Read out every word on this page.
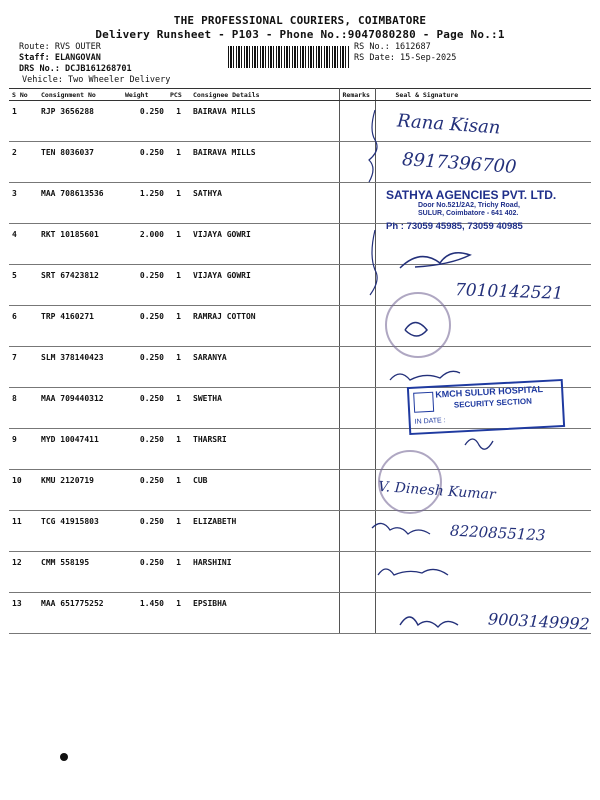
THE PROFESSIONAL COURIERS, COIMBATORE
Delivery Runsheet - P103 - Phone No.:9047080280 - Page No.:1
Route: RVS OUTER
Staff: ELANGOVAN
DRS No.: DCJB161268701
Vehicle: Two Wheeler Delivery
RS No.: 1612687
RS Date: 15-Sep-2025
S No	Consignment No	Weight	PCS	Consignee Details	Remarks	Seal & Signature
1	RJP 3656288	0.250	1	BAIRAVA MILLS		
2	TEN 8036037	0.250	1	BAIRAVA MILLS		
3	MAA 708613536	1.250	1	SATHYA		
4	RKT 10185601	2.000	1	VIJAYA GOWRI		
5	SRT 67423812	0.250	1	VIJAYA GOWRI		
6	TRP 4160271	0.250	1	RAMRAJ COTTON		
7	SLM 378140423	0.250	1	SARANYA		
8	MAA 709440312	0.250	1	SWETHA		
9	MYD 10047411	0.250	1	THARSRI		
10	KMU 2120719	0.250	1	CUB		
11	TCG 41915803	0.250	1	ELIZABETH		
12	CMM 558195	0.250	1	HARSHINI		
13	MAA 651775252	1.450	1	EPSIBHA		
Rana Kisan
8917396700
SATHYA AGENCIES PVT. LTD.
Door No.521/2A2, Trichy Road,
SULUR, Coimbatore - 641 402.
Ph : 73059 45985, 73059 40985
7010142521
KMCH SULUR HOSPITAL
SECURITY SECTION
IN DATE :
V. Dinesh Kumar
8220855123
9003149992
